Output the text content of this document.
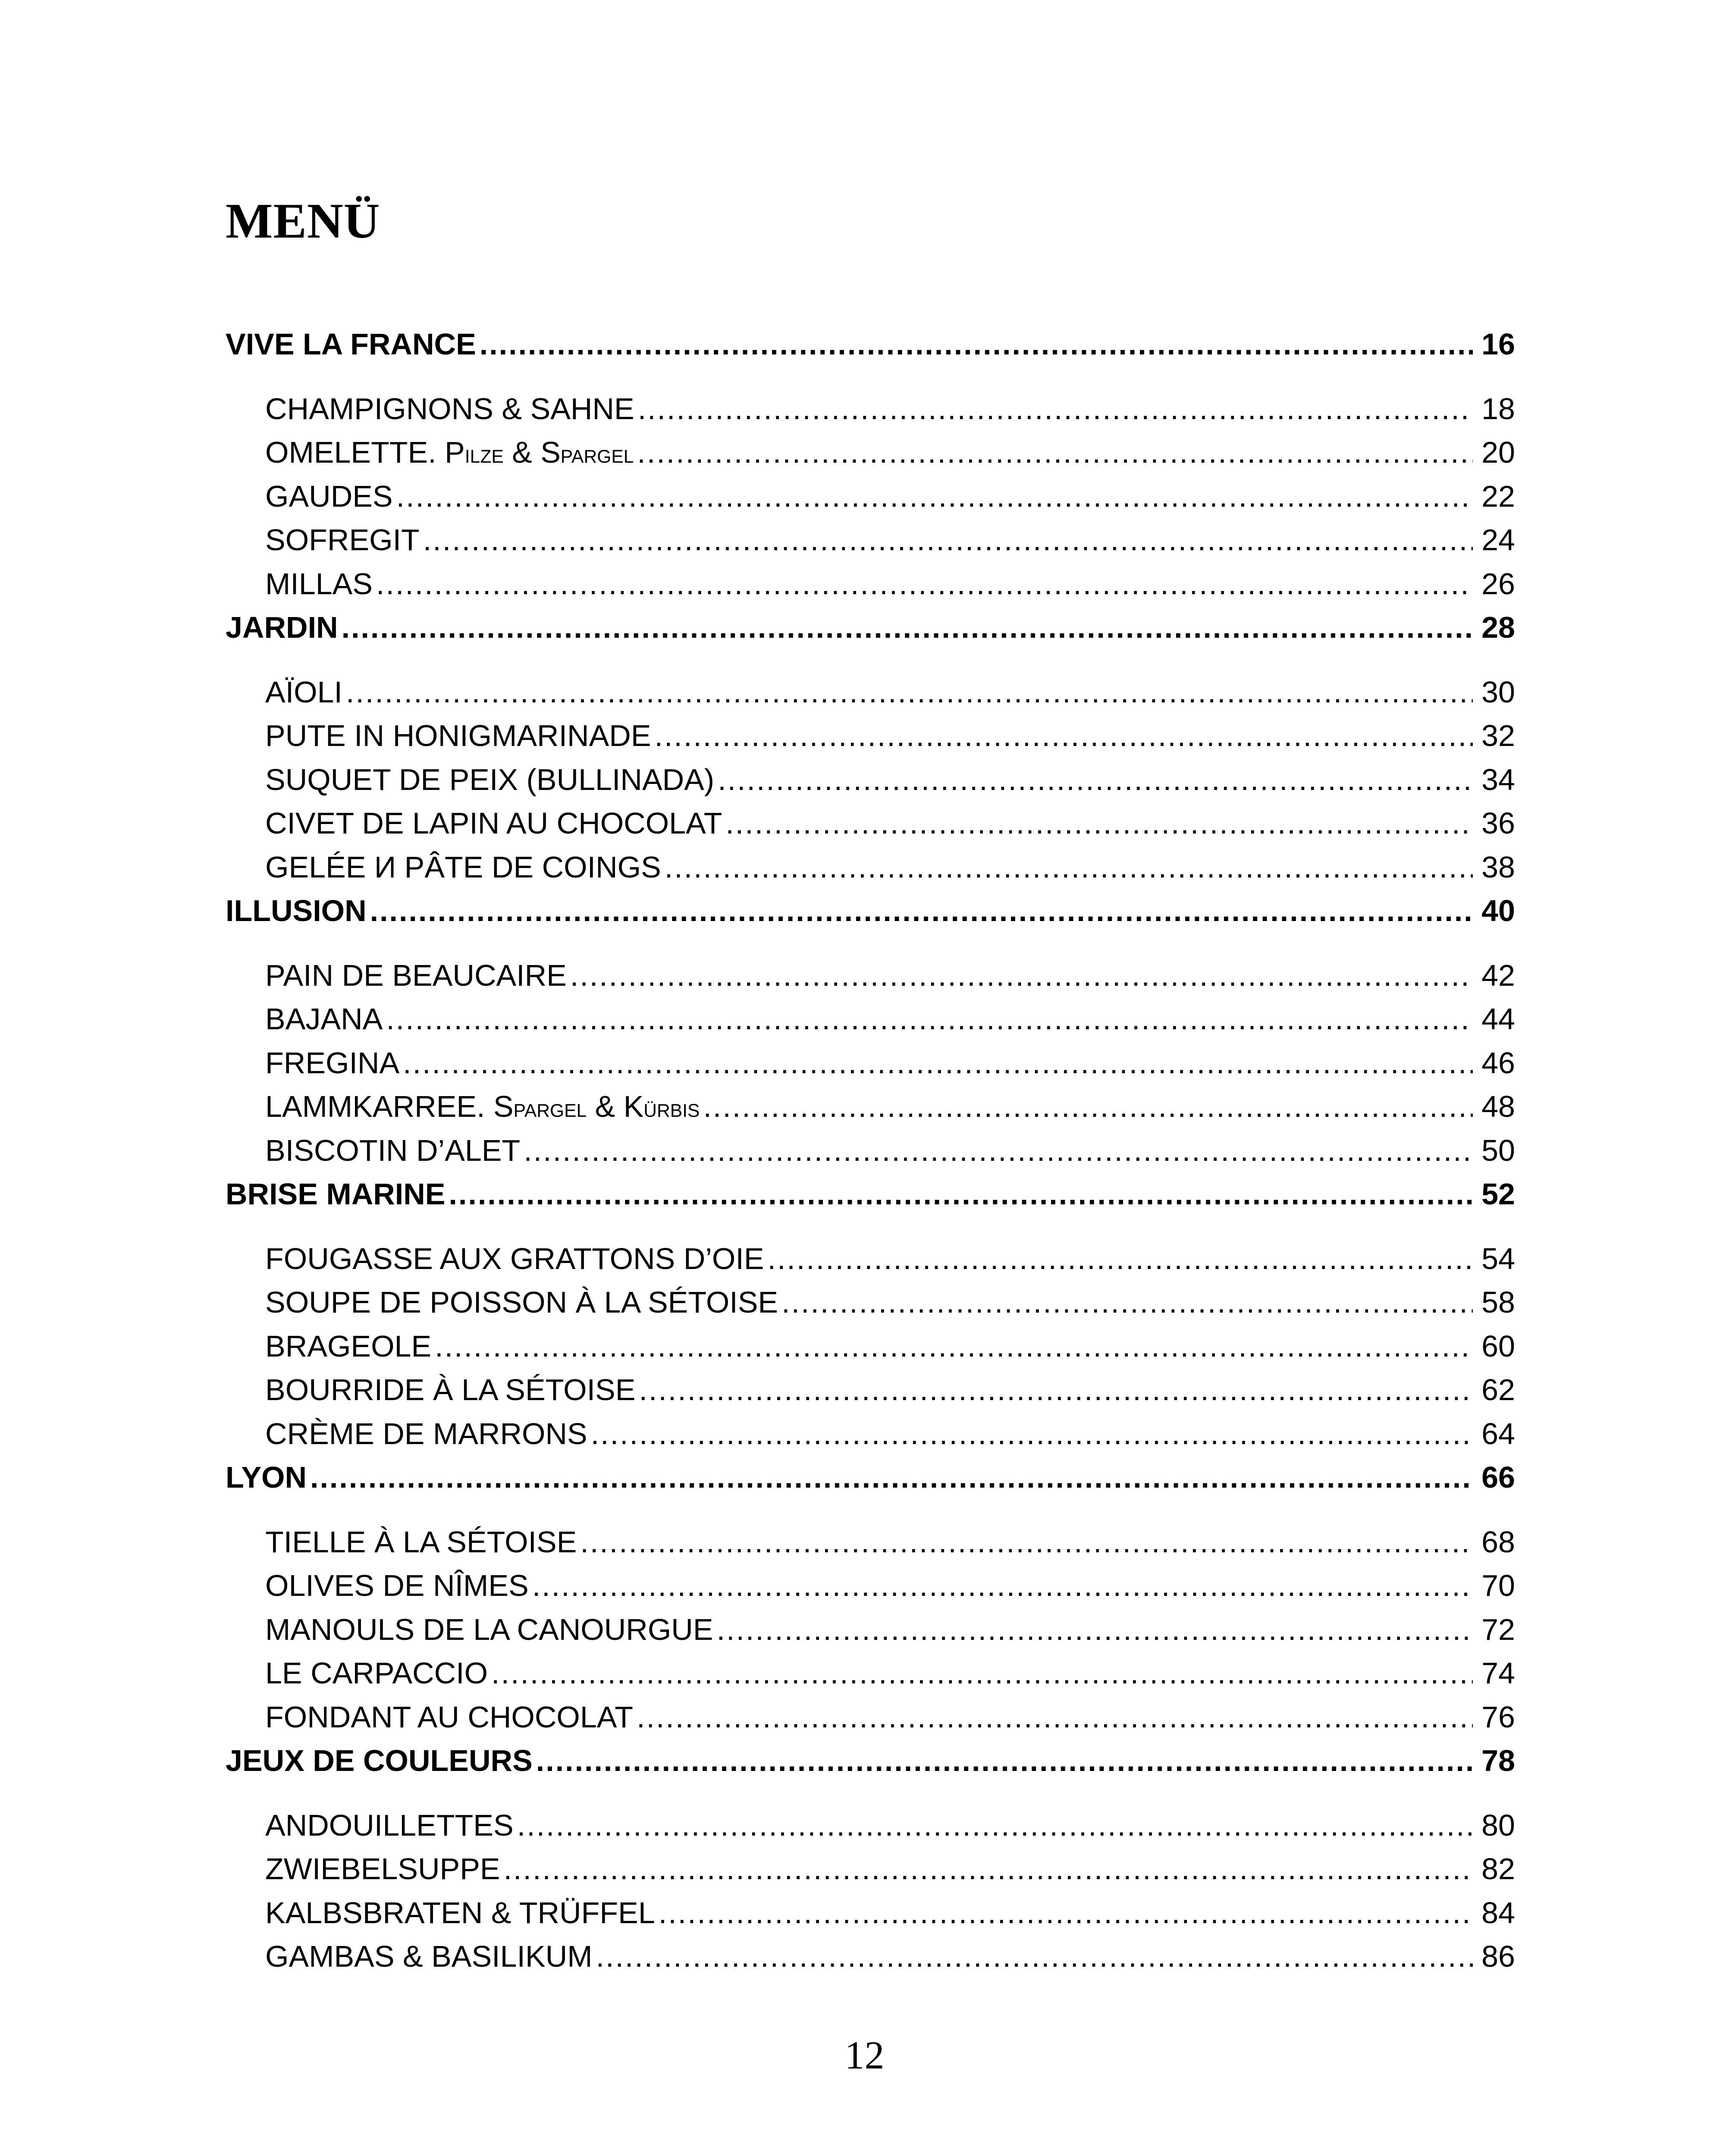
MENÜ
VIVE LA FRANCE .....	16
CHAMPIGNONS & SAHNE .....	18
OMELETTE. PILZE & SPARGEL .....	20
GAUDES .....	22
SOFREGIT .....	24
MILLAS .....	26
JARDIN .....	28
AÏOLI .....	30
PUTE IN HONIGMARINADE .....	32
SUQUET DE PEIX (BULLINADA) .....	34
CIVET DE LAPIN AU CHOCOLAT .....	36
GELÉE И PÂTE DE COINGS .....	38
ILLUSION .....	40
PAIN DE BEAUCAIRE .....	42
BAJANA .....	44
FREGINA .....	46
LAMMKARREE. SPARGEL & KÜRBIS .....	48
BISCOTIN D’ALET .....	50
BRISE MARINE .....	52
FOUGASSE AUX GRATTONS D’OIE .....	54
SOUPE DE POISSON À LA SÉTOISE .....	58
BRAGEOLE .....	60
BOURRIDE À LA SÉTOISE .....	62
CRÈME DE MARRONS .....	64
LYON .....	66
TIELLE À LA SÉTOISE .....	68
OLIVES DE NÎMES .....	70
MANOULS DE LA CANOURGUE .....	72
LE CARPACCIO .....	74
FONDANT AU CHOCOLAT .....	76
JEUX DE COULEURS .....	78
ANDOUILLETTES .....	80
ZWIEBELSUPPE .....	82
KALBSBRATEN & TRÜFFEL .....	84
GAMBAS & BASILIKUM .....	86
12
